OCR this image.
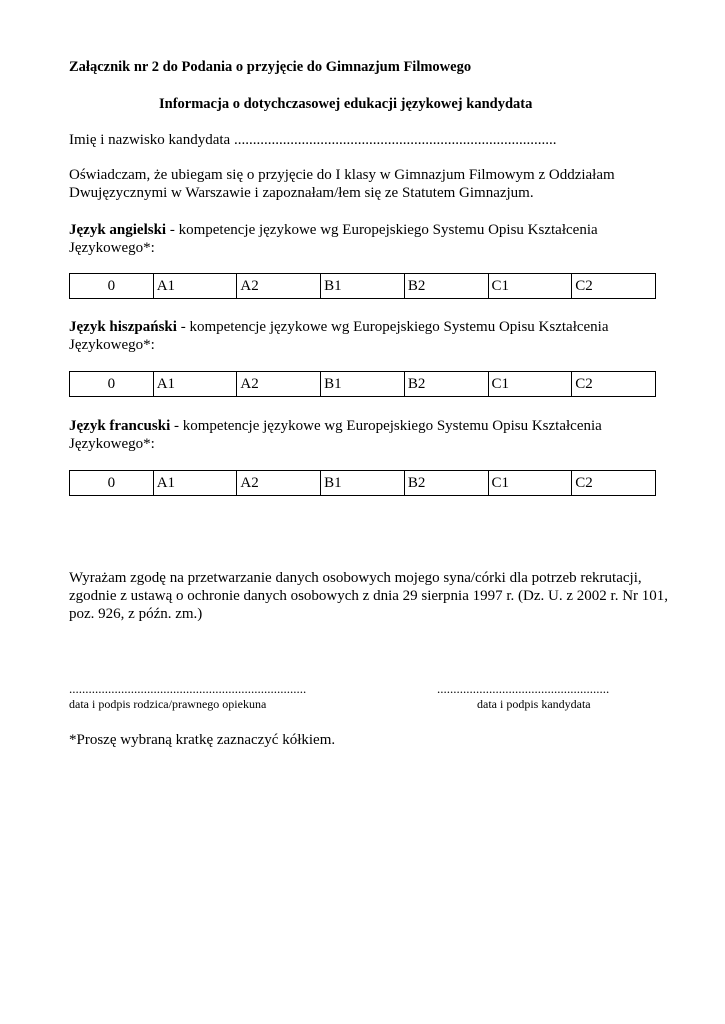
Załącznik nr 2 do Podania o przyjęcie do Gimnazjum Filmowego
Informacja o dotychczasowej edukacji językowej kandydata
Imię i nazwisko kandydata ......................................................................................
Oświadczam, że ubiegam się o przyjęcie do I klasy w Gimnazjum Filmowym z Oddziałam Dwujęzycznymi w Warszawie i zapoznałam/łem się ze Statutem Gimnazjum.
Język angielski - kompetencje językowe wg Europejskiego Systemu Opisu Kształcenia Językowego*:
0	A1	A2	B1	B2	C1	C2
Język hiszpański - kompetencje językowe wg Europejskiego Systemu Opisu Kształcenia Językowego*:
0	A1	A2	B1	B2	C1	C2
Język francuski - kompetencje językowe wg Europejskiego Systemu Opisu Kształcenia Językowego*:
0	A1	A2	B1	B2	C1	C2
Wyrażam zgodę na przetwarzanie danych osobowych mojego syna/córki dla potrzeb rekrutacji, zgodnie z ustawą o ochronie danych osobowych z dnia 29 sierpnia 1997 r. (Dz. U. z 2002 r. Nr 101, poz. 926, z późn. zm.)
.........................................................................	.....................................................
data i podpis rodzica/prawnego opiekuna	data i podpis kandydata
*Proszę wybraną kratkę zaznaczyć kółkiem.
